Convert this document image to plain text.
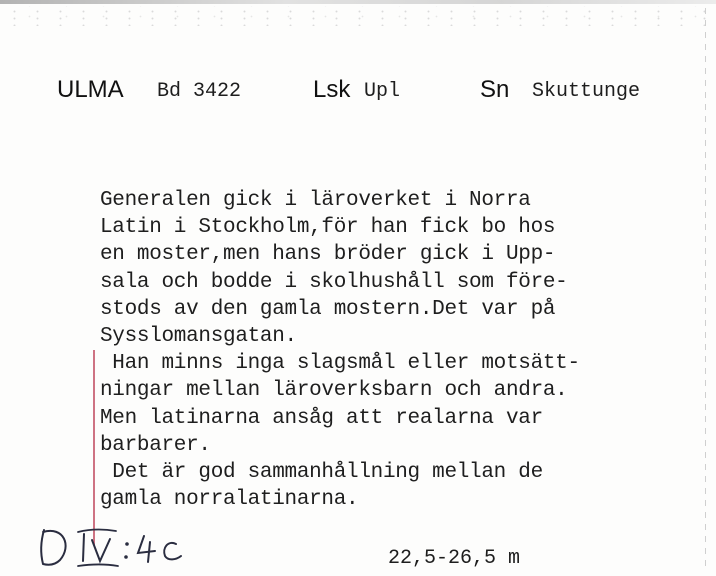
ULMA Bd 3422	Lsk Upl	Sn Skuttunge
Generalen gick i läroverket i Norra
Latin i Stockholm,för han fick bo hos
en moster,men hans bröder gick i Upp-
sala och bodde i skolhushåll som före-
stods av den gamla mostern.Det var på
Sysslomansgatan.
Han minns inga slagsmål eller motsätt-
ningar mellan läroverksbarn och andra.
Men latinarna ansåg att realarna var
barbarer.
Det är god sammanhållning mellan de
gamla norralatinarna.
22,5-26,5 m
